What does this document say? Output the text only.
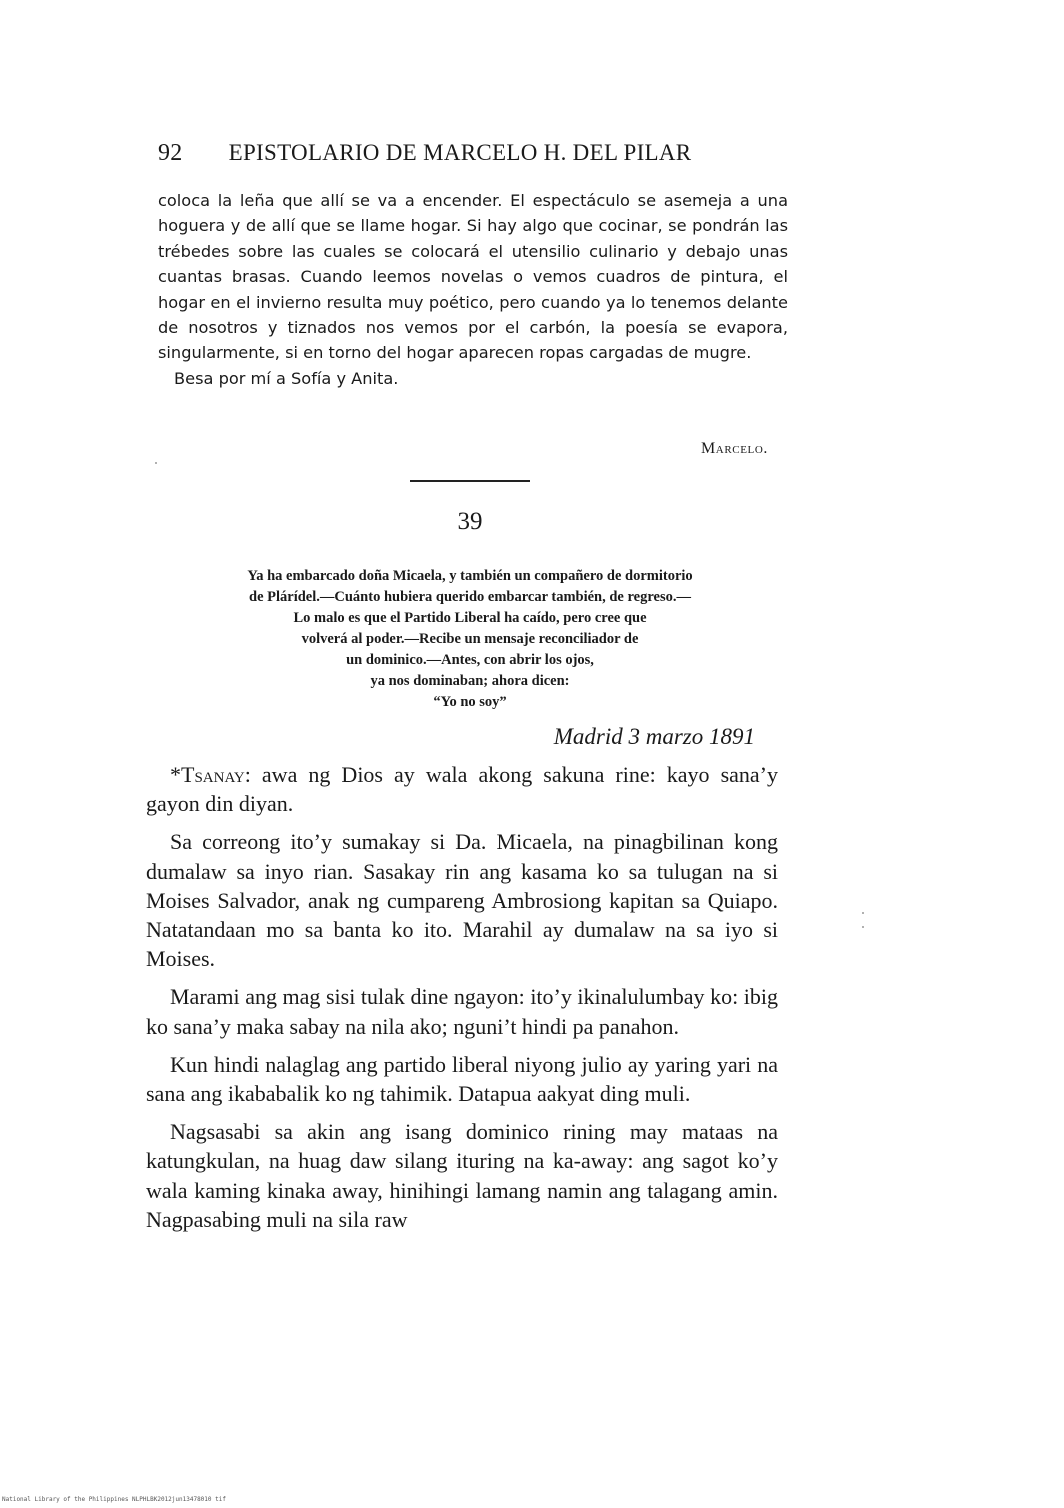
92 EPISTOLARIO DE MARCELO H. DEL PILAR

coloca la leña que allí se va a encender. El espectáculo se asemeja a una hoguera y de allí que se llame hogar. Si hay algo que cocinar, se pondrán las trébedes sobre las cuales se colocará el utensilio culinario y debajo unas cuantas brasas. Cuando leemos novelas o vemos cuadros de pintura, el hogar en el invierno resulta muy poético, pero cuando ya lo tenemos delante de nosotros y tiznados nos vemos por el carbón, la poesía se evapora, singularmente, si en torno del hogar aparecen ropas cargadas de mugre.

Besa por mí a Sofía y Anita.

Marcelo.
39
Ya ha embarcado doña Micaela, y también un compañero de dormitorio
de Plárídel.—Cuánto hubiera querido embarcar también, de regreso.—
Lo malo es que el Partido Liberal ha caído, pero cree que
volverá al poder.—Recibe un mensaje reconciliador de
un dominico.—Antes, con abrir los ojos,
ya nos dominaban; ahora dicen:
“Yo no soy”
Madrid 3 marzo 1891

*Tsanay: awa ng Dios ay wala akong sakuna rine: kayo sana’y gayon din diyan.

Sa correong ito’y sumakay si Da. Micaela, na pinagbilinan kong dumalaw sa inyo rian. Sasakay rin ang kasama ko sa tulugan na si Moises Salvador, anak ng cumpareng Ambrosiong kapitan sa Quiapo. Natatandaan mo sa banta ko ito. Marahil ay dumalaw na sa iyo si Moises.

Marami ang mag sisi tulak dine ngayon: ito’y ikinalulumbay ko: ibig ko sana’y maka sabay na nila ako; nguni’t hindi pa panahon.

Kun hindi nalaglag ang partido liberal niyong julio ay yaring yari na sana ang ikababalik ko ng tahimik. Datapua aakyat ding muli.

Nagsasabi sa akin ang isang dominico rining may mataas na katungkulan, na huag daw silang ituring na ka-away: ang sagot ko’y wala kaming kinaka away, hinihingi lamang namin ang talagang amin. Nagpasabing muli na sila raw

National Library of the Philippines NLPHLBK2012jun13478010 tif
